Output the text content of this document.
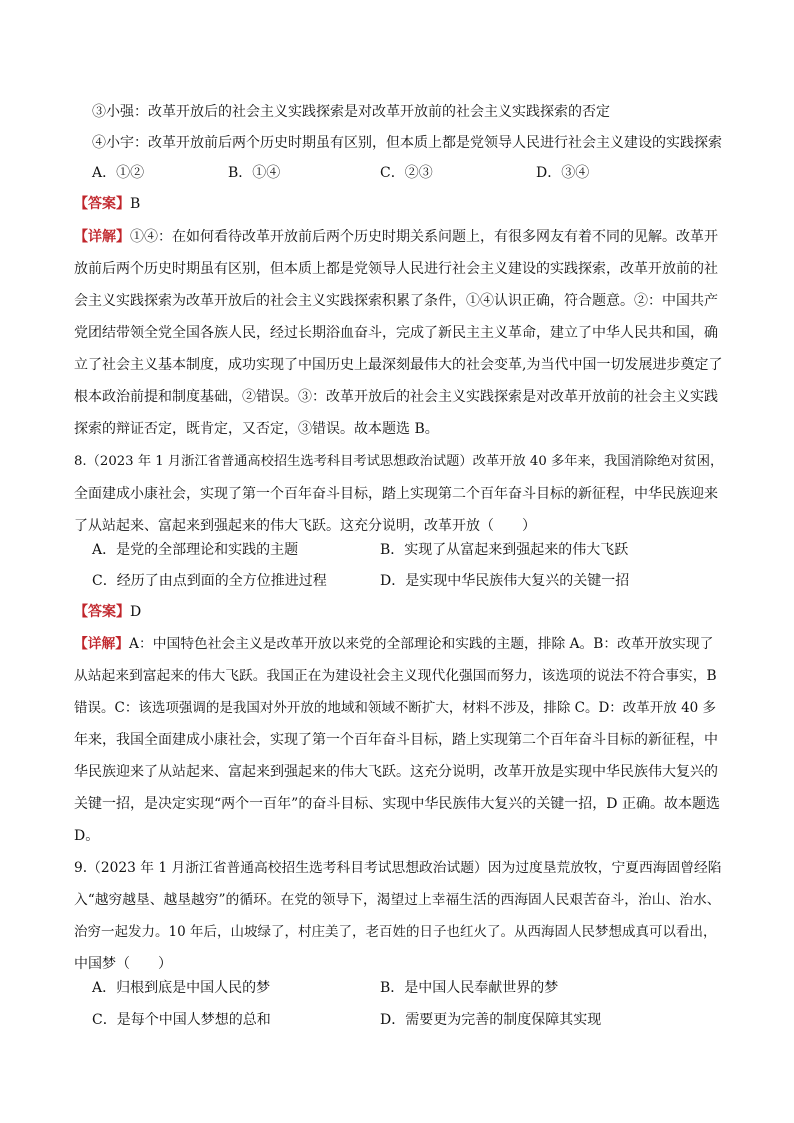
③小强：改革开放后的社会主义实践探索是对改革开放前的社会主义实践探索的否定
④小宇：改革开放前后两个历史时期虽有区别，但本质上都是党领导人民进行社会主义建设的实践探索
A．①②	B．①④	C．②③	D．③④
【答案】B
【详解】①④：在如何看待改革开放前后两个历史时期关系问题上，有很多网友有着不同的见解。改革开
放前后两个历史时期虽有区别，但本质上都是党领导人民进行社会主义建设的实践探索，改革开放前的社
会主义实践探索为改革开放后的社会主义实践探索积累了条件，①④认识正确，符合题意。②：中国共产
党团结带领全党全国各族人民，经过长期浴血奋斗，完成了新民主主义革命，建立了中华人民共和国，确
立了社会主义基本制度，成功实现了中国历史上最深刻最伟大的社会变革,为当代中国一切发展进步奠定了
根本政治前提和制度基础，②错误。③：改革开放后的社会主义实践探索是对改革开放前的社会主义实践
探索的辩证否定，既肯定，又否定，③错误。故本题选 B。
8.（2023 年 1 月浙江省普通高校招生选考科目考试思想政治试题）改革开放 40 多年来，我国消除绝对贫困，
全面建成小康社会，实现了第一个百年奋斗目标，踏上实现第二个百年奋斗目标的新征程，中华民族迎来
了从站起来、富起来到强起来的伟大飞跃。这充分说明，改革开放（　　）
A．是党的全部理论和实践的主题	B．实现了从富起来到强起来的伟大飞跃
C．经历了由点到面的全方位推进过程	D．是实现中华民族伟大复兴的关键一招
【答案】D
【详解】A：中国特色社会主义是改革开放以来党的全部理论和实践的主题，排除 A。B：改革开放实现了
从站起来到富起来的伟大飞跃。我国正在为建设社会主义现代化强国而努力，该选项的说法不符合事实，B
错误。C：该选项强调的是我国对外开放的地域和领域不断扩大，材料不涉及，排除 C。D：改革开放 40 多
年来，我国全面建成小康社会，实现了第一个百年奋斗目标，踏上实现第二个百年奋斗目标的新征程，中
华民族迎来了从站起来、富起来到强起来的伟大飞跃。这充分说明，改革开放是实现中华民族伟大复兴的
关键一招，是决定实现“两个一百年”的奋斗目标、实现中华民族伟大复兴的关键一招，D 正确。故本题选
D。
9.（2023 年 1 月浙江省普通高校招生选考科目考试思想政治试题）因为过度垦荒放牧，宁夏西海固曾经陷
入“越穷越垦、越垦越穷”的循环。在党的领导下，渴望过上幸福生活的西海固人民艰苦奋斗，治山、治水、
治穷一起发力。10 年后，山坡绿了，村庄美了，老百姓的日子也红火了。从西海固人民梦想成真可以看出，
中国梦（　　）
A．归根到底是中国人民的梦	B．是中国人民奉献世界的梦
C．是每个中国人梦想的总和	D．需要更为完善的制度保障其实现
